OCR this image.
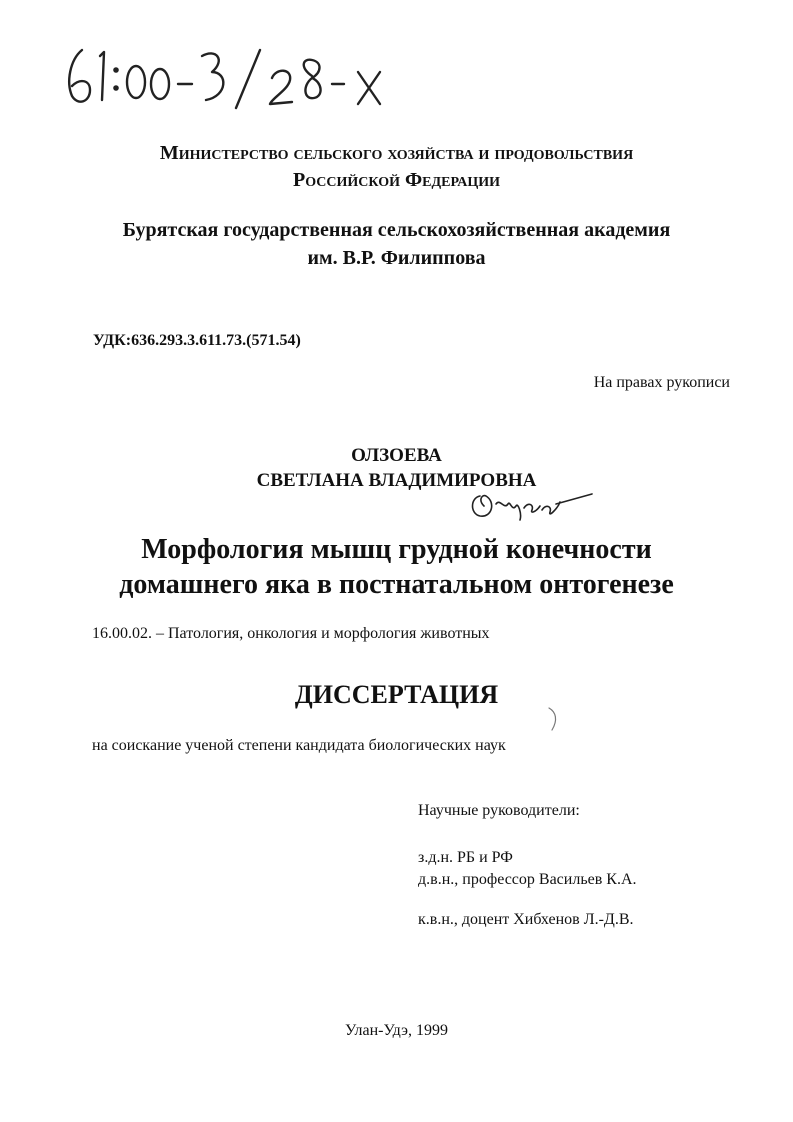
Министерство сельского хозяйства и продовольствия
Российской Федерации
Бурятская государственная сельскохозяйственная академия
им. В.Р. Филиппова
УДК:636.293.3.611.73.(571.54)
На правах рукописи
ОЛЗОЕВА
СВЕТЛАНА ВЛАДИМИРОВНА
Морфология мышц грудной конечности
домашнего яка в постнатальном онтогенезе
16.00.02. – Патология, онкология и морфология животных
ДИССЕРТАЦИЯ
на соискание ученой степени кандидата биологических наук
Научные руководители:
з.д.н. РБ и РФ
д.в.н., профессор Васильев К.А.
к.в.н., доцент Хибхенов Л.-Д.В.
Улан-Удэ, 1999
